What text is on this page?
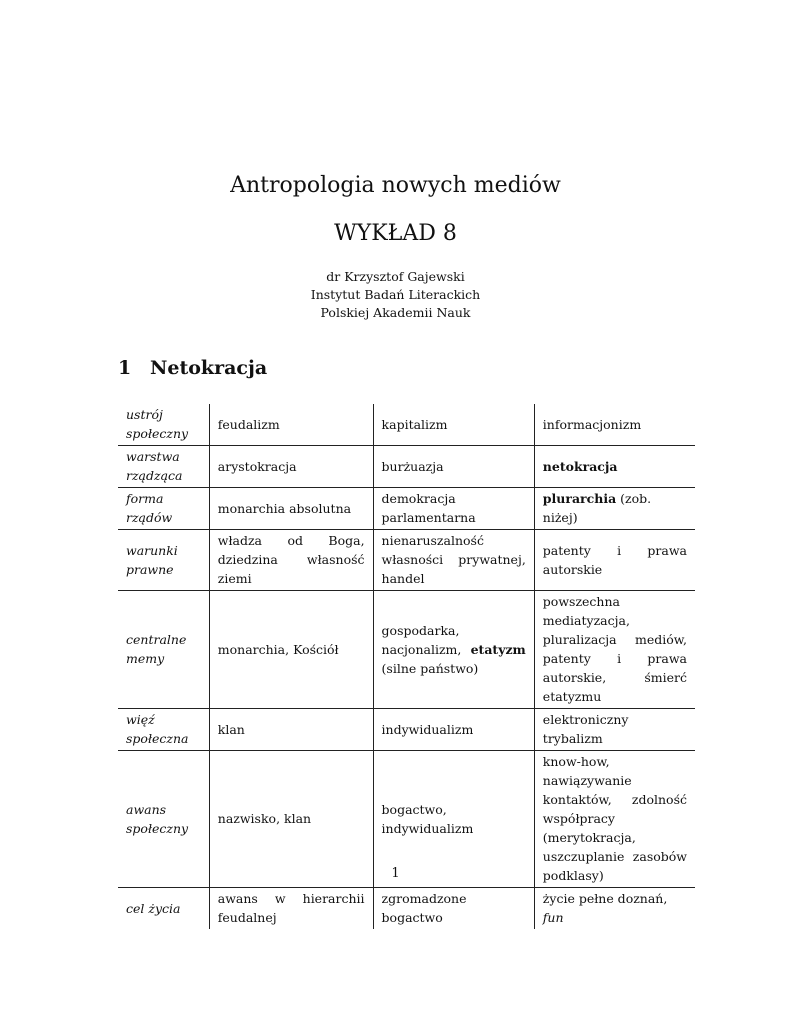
Antropologia nowych mediów
WYKŁAD 8
dr Krzysztof Gajewski
Instytut Badań Literackich
Polskiej Akademii Nauk
1 Netokracja
ustrój społeczny	feudalizm	kapitalizm	informacjonizm
warstwa rządząca	arystokracja	burżuazja	netokracja
forma rządów	monarchia absolutna	demokracja parlamentarna	plurarchia (zob. niżej)
warunki prawne	władza od Boga, dziedzina własność ziemi	nienaruszalność własności prywatnej, handel	patenty i prawa autorskie
centralne memy	monarchia, Kościół	gospodarka, nacjonalizm, etatyzm (silne państwo)	powszechna mediatyzacja, pluralizacja mediów, patenty i prawa autorskie, śmierć etatyzmu
więź społeczna	klan	indywidualizm	elektroniczny trybalizm
awans społeczny	nazwisko, klan	bogactwo, indywidualizm	know-how, nawiązywanie kontaktów, zdolność współpracy (merytokracja, uszczuplanie zasobów podklasy)
cel życia	awans w hierarchii feudalnej	zgromadzone bogactwo	życie pełne doznań, fun
1
